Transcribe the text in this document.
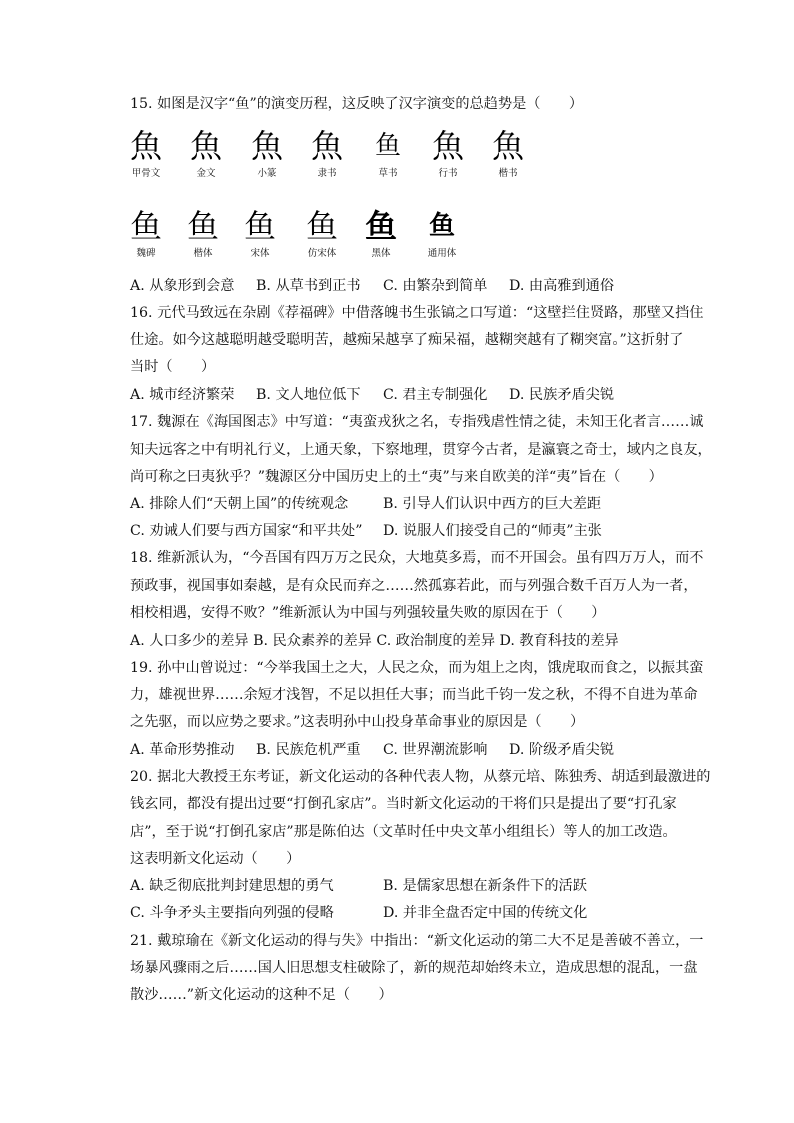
15. 如图是汉字“鱼”的演变历程，这反映了汉字演变的总趋势是（　　）
魚
甲骨文
魚
金文
魚
小篆
魚
隶书
鱼
草书
魚
行书
魚
楷书
鱼
魏碑
鱼
楷体
鱼
宋体
鱼
仿宋体
鱼
黑体
鱼
通用体
A. 从象形到会意 B. 从草书到正书 C. 由繁杂到简单 D. 由高雅到通俗
16. 元代马致远在杂剧《荐福碑》中借落魄书生张镐之口写道：“这壁拦住贤路，那壁又挡住
仕途。如今这越聪明越受聪明苦，越痴呆越享了痴呆福，越糊突越有了糊突富。”这折射了
当时（　　）
A. 城市经济繁荣 B. 文人地位低下 C. 君主专制强化 D. 民族矛盾尖锐
17. 魏源在《海国图志》中写道：“夷蛮戎狄之名，专指残虐性情之徒，未知王化者言……诚
知夫远客之中有明礼行义，上通天象，下察地理，贯穿今古者，是瀛寰之奇士，域内之良友，
尚可称之曰夷狄乎？”魏源区分中国历史上的土“夷”与来自欧美的洋“夷”旨在（　　）
A. 排除人们“天朝上国”的传统观念 B. 引导人们认识中西方的巨大差距
C. 劝诫人们要与西方国家“和平共处” D. 说服人们接受自己的“师夷”主张
18. 维新派认为，“今吾国有四万万之民众，大地莫多焉，而不开国会。虽有四万万人，而不
预政事，视国事如秦越，是有众民而弃之……然孤寡若此，而与列强合数千百万人为一者，
相校相遇，安得不败？”维新派认为中国与列强较量失败的原因在于（　　）
A. 人口多少的差异 B. 民众素养的差异 C. 政治制度的差异 D. 教育科技的差异
19. 孙中山曾说过：“今举我国土之大，人民之众，而为俎上之肉，饿虎取而食之，以振其蛮
力，雄视世界……余短才浅智，不足以担任大事；而当此千钧一发之秋，不得不自进为革命
之先驱，而以应势之要求。”这表明孙中山投身革命事业的原因是（　　）
A. 革命形势推动 B. 民族危机严重 C. 世界潮流影响 D. 阶级矛盾尖锐
20. 据北大教授王东考证，新文化运动的各种代表人物，从蔡元培、陈独秀、胡适到最激进的
钱玄同，都没有提出过要“打倒孔家店”。当时新文化运动的干将们只是提出了要“打孔家
店”，至于说“打倒孔家店”那是陈伯达（文革时任中央文革小组组长）等人的加工改造。
这表明新文化运动（　　）
A. 缺乏彻底批判封建思想的勇气	B. 是儒家思想在新条件下的活跃
C. 斗争矛头主要指向列强的侵略	D. 并非全盘否定中国的传统文化
21. 戴琼瑜在《新文化运动的得与失》中指出：“新文化运动的第二大不足是善破不善立，一
场暴风骤雨之后……国人旧思想支柱破除了，新的规范却始终未立，造成思想的混乱，一盘
散沙……”新文化运动的这种不足（　　）
